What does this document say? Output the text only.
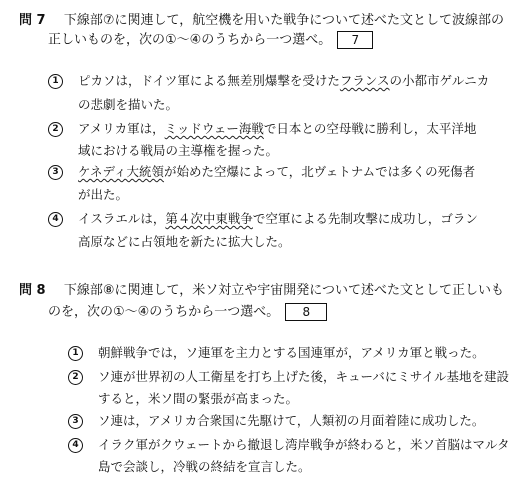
問 7 下線部⑦に関連して，航空機を用いた戦争について述べた文として波線部の
正しいものを，次の①〜④のうちから一つ選べ。 7
1	ピカソは，ドイツ軍による無差別爆撃を受けたフランスの小都市ゲルニカ
の悲劇を描いた。
2	アメリカ軍は，ミッドウェー海戦で日本との空母戦に勝利し，太平洋地
域における戦局の主導権を握った。
3	ケネディ大統領が始めた空爆によって，北ヴェトナムでは多くの死傷者
が出た。
4	イスラエルは，第４次中東戦争で空軍による先制攻撃に成功し，ゴラン
高原などに占領地を新たに拡大した。
問 8 下線部⑧に関連して，米ソ対立や宇宙開発について述べた文として正しいも
のを，次の①〜④のうちから一つ選べ。 8
1	朝鮮戦争では，ソ連軍を主力とする国連軍が，アメリカ軍と戦った。
2	ソ連が世界初の人工衛星を打ち上げた後，キューバにミサイル基地を建設
すると，米ソ間の緊張が高まった。
3	ソ連は，アメリカ合衆国に先駆けて，人類初の月面着陸に成功した。
4	イラク軍がクウェートから撤退し湾岸戦争が終わると，米ソ首脳はマルタ
島で会談し，冷戦の終結を宣言した。
